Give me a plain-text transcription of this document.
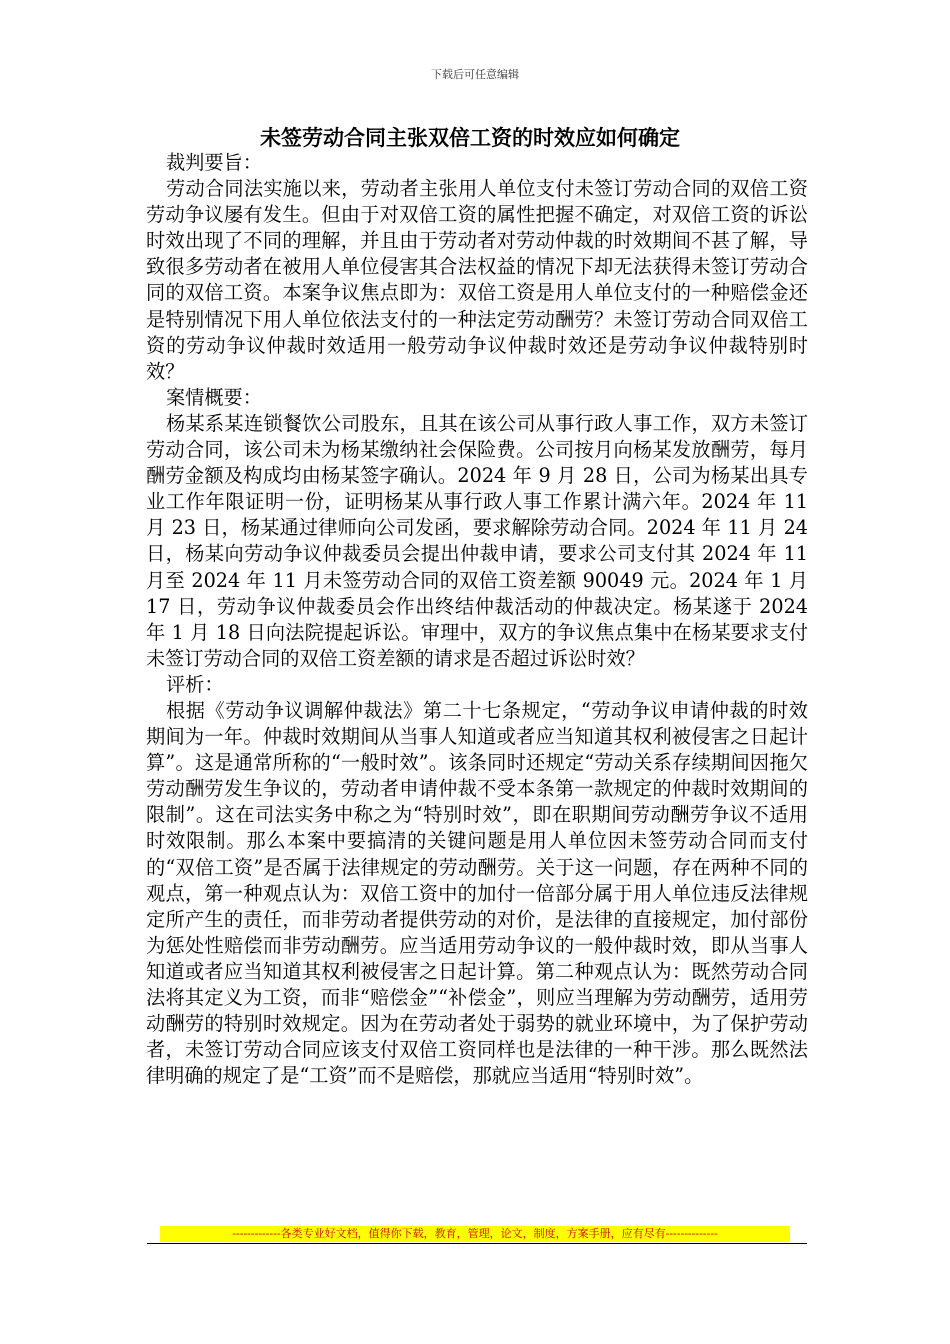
下载后可任意编辑
未签劳动合同主张双倍工资的时效应如何确定

裁判要旨：

劳动合同法实施以来，劳动者主张用人单位支付未签订劳动合同的双倍工资劳动争议屡有发生。但由于对双倍工资的属性把握不确定，对双倍工资的诉讼时效出现了不同的理解，并且由于劳动者对劳动仲裁的时效期间不甚了解，导致很多劳动者在被用人单位侵害其合法权益的情况下却无法获得未签订劳动合同的双倍工资。本案争议焦点即为：双倍工资是用人单位支付的一种赔偿金还是特别情况下用人单位依法支付的一种法定劳动酬劳？未签订劳动合同双倍工资的劳动争议仲裁时效适用一般劳动争议仲裁时效还是劳动争议仲裁特别时效？

案情概要：

杨某系某连锁餐饮公司股东，且其在该公司从事行政人事工作，双方未签订劳动合同，该公司未为杨某缴纳社会保险费。公司按月向杨某发放酬劳，每月酬劳金额及构成均由杨某签字确认。2024 年 9 月 28 日，公司为杨某出具专业工作年限证明一份，证明杨某从事行政人事工作累计满六年。2024 年 11 月 23 日，杨某通过律师向公司发函，要求解除劳动合同。2024 年 11 月 24 日，杨某向劳动争议仲裁委员会提出仲裁申请，要求公司支付其 2024 年 11 月至 2024 年 11 月未签劳动合同的双倍工资差额 90049 元。2024 年 1 月 17 日，劳动争议仲裁委员会作出终结仲裁活动的仲裁决定。杨某遂于 2024 年 1 月 18 日向法院提起诉讼。审理中，双方的争议焦点集中在杨某要求支付未签订劳动合同的双倍工资差额的请求是否超过诉讼时效？

评析：

根据《劳动争议调解仲裁法》第二十七条规定，“劳动争议申请仲裁的时效期间为一年。仲裁时效期间从当事人知道或者应当知道其权利被侵害之日起计算”。这是通常所称的“一般时效”。该条同时还规定“劳动关系存续期间因拖欠劳动酬劳发生争议的，劳动者申请仲裁不受本条第一款规定的仲裁时效期间的限制”。这在司法实务中称之为“特别时效”，即在职期间劳动酬劳争议不适用时效限制。那么本案中要搞清的关键问题是用人单位因未签劳动合同而支付的“双倍工资”是否属于法律规定的劳动酬劳。关于这一问题，存在两种不同的观点，第一种观点认为：双倍工资中的加付一倍部分属于用人单位违反法律规定所产生的责任，而非劳动者提供劳动的对价，是法律的直接规定，加付部份为惩处性赔偿而非劳动酬劳。应当适用劳动争议的一般仲裁时效，即从当事人知道或者应当知道其权利被侵害之日起计算。第二种观点认为：既然劳动合同法将其定义为工资，而非“赔偿金”“补偿金”，则应当理解为劳动酬劳，适用劳动酬劳的特别时效规定。因为在劳动者处于弱势的就业环境中，为了保护劳动者，未签订劳动合同应该支付双倍工资同样也是法律的一种干涉。那么既然法律明确的规定了是“工资”而不是赔偿，那就应当适用“特别时效”。

-------------各类专业好文档，值得你下载，教育，管理，论文，制度，方案手册，应有尽有--------------
